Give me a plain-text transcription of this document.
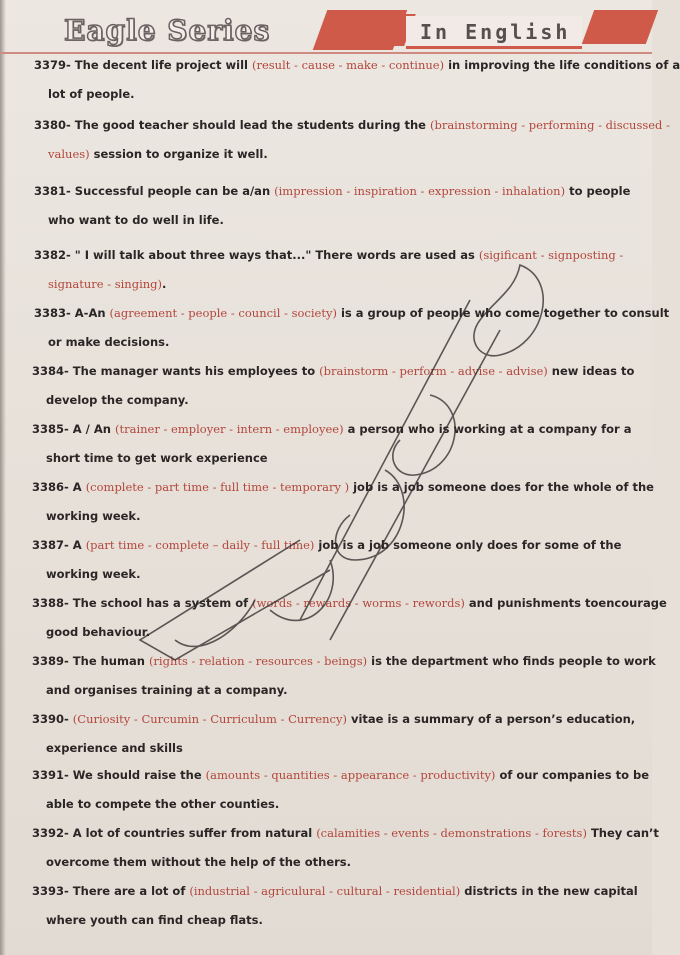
Eagle Series	In English
3379- The decent life project will (result - cause - make - continue) in improving the life conditions of a
lot of people.
3380- The good teacher should lead the students during the (brainstorming - performing - discussed -
values) session to organize it well.
3381- Successful people can be a/an (impression - inspiration - expression - inhalation) to people
who want to do well in life.
3382- " I will talk about three ways that..." There words are used as (sigificant - signposting -
signature - singing).
3383- A-An (agreement - people - council - society) is a group of people who come together to consult
or make decisions.
3384- The manager wants his employees to (brainstorm - perform - advise - advise) new ideas to
develop the company.
3385- A / An (trainer - employer - intern - employee) a person who is working at a company for a
short time to get work experience
3386- A (complete - part time - full time - temporary ) job is a job someone does for the whole of the
working week.
3387- A (part time - complete – daily - full time) job is a job someone only does for some of the
working week.
3388- The school has a system of (words - rewards - worms - rewords) and punishments toencourage
good behaviour.
3389- The human (rights - relation - resources - beings) is the department who finds people to work
and organises training at a company.
3390- (Curiosity - Curcumin - Curriculum - Currency) vitae is a summary of a person’s education,
experience and skills
3391- We should raise the (amounts - quantities - appearance - productivity) of our companies to be
able to compete the other counties.
3392- A lot of countries suffer from natural (calamities - events - demonstrations - forests) They can’t
overcome them without the help of the others.
3393- There are a lot of (industrial - agriculural - cultural - residential) districts in the new capital
where youth can find cheap flats.
